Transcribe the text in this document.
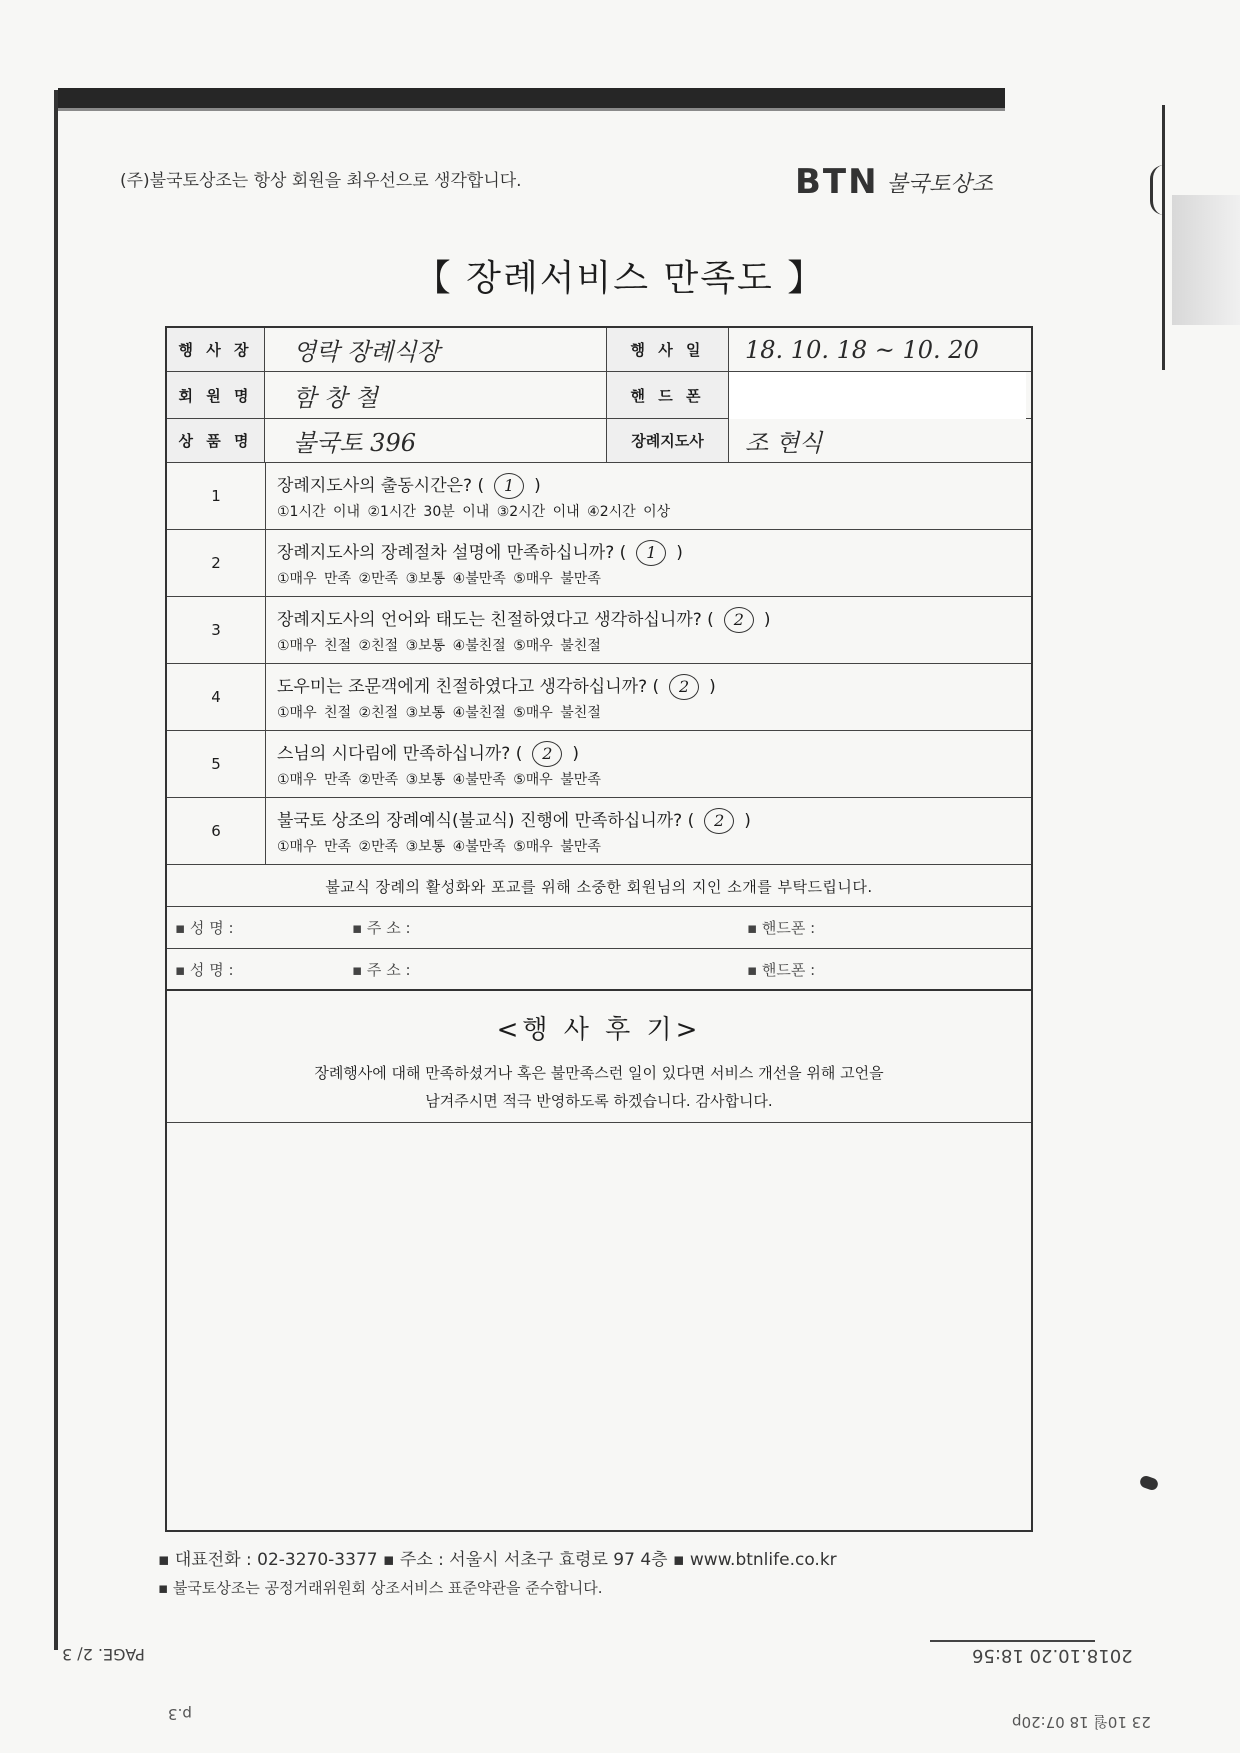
(주)불국토상조는 항상 회원을 최우선으로 생각합니다.	BTN 불국토상조
【 장례서비스 만족도 】
행 사 장	영락 장례식장	행 사 일	18. 10. 18 ~ 10. 20
회 원 명	함 창 철	핸 드 폰
상 품 명	불국토 396	장례지도사	조 현식
1	장례지도사의 출동시간은? ( 1 )
①1시간 이내 ②1시간 30분 이내 ③2시간 이내 ④2시간 이상
2	장례지도사의 장례절차 설명에 만족하십니까? ( 1 )
①매우 만족 ②만족 ③보통 ④불만족 ⑤매우 불만족
3	장례지도사의 언어와 태도는 친절하였다고 생각하십니까? ( 2 )
①매우 친절 ②친절 ③보통 ④불친절 ⑤매우 불친절
4	도우미는 조문객에게 친절하였다고 생각하십니까? ( 2 )
①매우 친절 ②친절 ③보통 ④불친절 ⑤매우 불친절
5	스님의 시다림에 만족하십니까? ( 2 )
①매우 만족 ②만족 ③보통 ④불만족 ⑤매우 불만족
6	불국토 상조의 장례예식(불교식) 진행에 만족하십니까? ( 2 )
①매우 만족 ②만족 ③보통 ④불만족 ⑤매우 불만족
불교식 장례의 활성화와 포교를 위해 소중한 회원님의 지인 소개를 부탁드립니다.
▪ 성 명 :	▪ 주 소 :	▪ 핸드폰 :
▪ 성 명 :	▪ 주 소 :	▪ 핸드폰 :
<행 사 후 기>
장례행사에 대해 만족하셨거나 혹은 불만족스런 일이 있다면 서비스 개선을 위해 고언을
남겨주시면 적극 반영하도록 하겠습니다. 감사합니다.
▪ 대표전화 : 02-3270-3377 ▪ 주소 : 서울시 서초구 효령로 97 4층 ▪ www.btnlife.co.kr
▪ 불국토상조는 공정거래위원회 상조서비스 표준약관을 준수합니다.
PAGE. 2/ 3	2018.10.20 18:56
p.3	23 10월 18 07:20p
